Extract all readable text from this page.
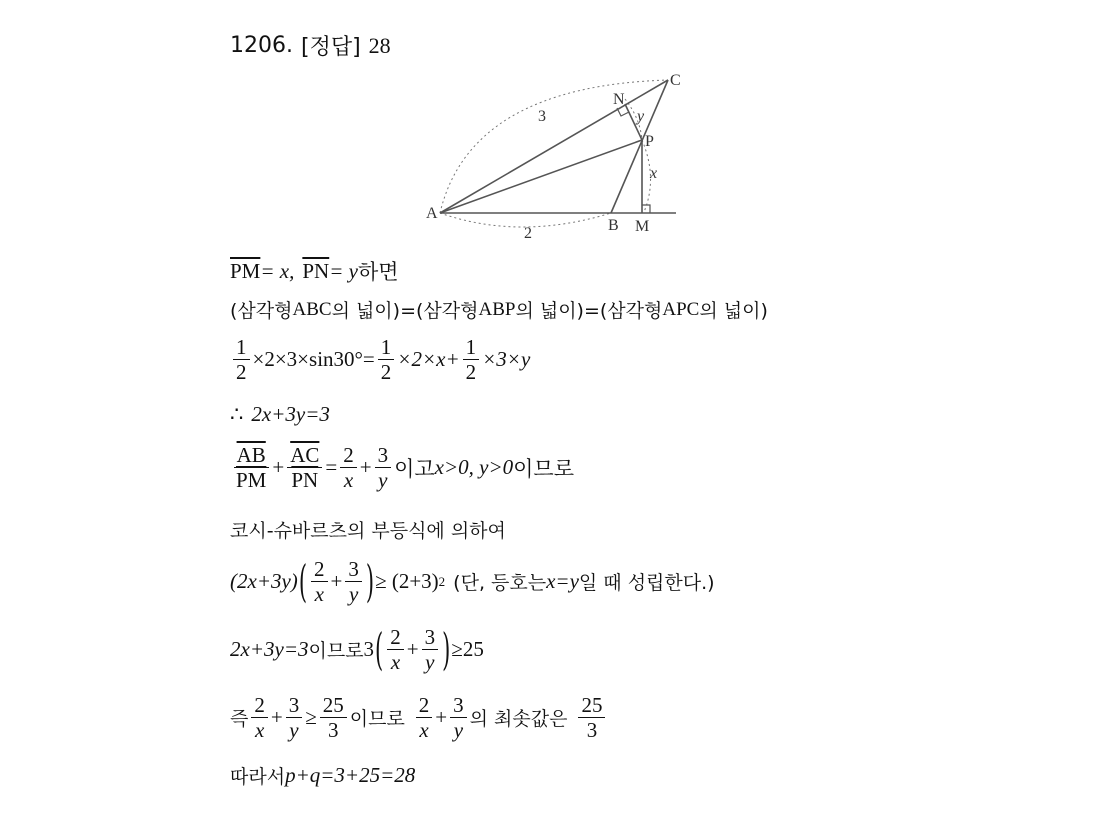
1206. [정답] 28
A
B
C
P
N
M
3
2
y
x
$\overline{PM} = x$, $\overline{PN} = y$ 하면
(삼각형 ABC 의 넓이)=(삼각형 ABP 의 넓이)=(삼각형 APC 의 넓이)
$\frac{1}{2} \times 2\times 3\times\sin 30^\circ= \frac{1}{2} \times 2\times x+ \frac{1}{2} \times 3\times y$
∴ 2x+3y=3
$\frac{\overline{AB}}{PM} + \frac{\overline{AC}}{PN} = \frac{2}{x} + \frac{3}{y}$ 이고 x>0, y>0 이므로
코시-슈바르츠의 부등식에 의하여
(2x+3y) ( $\frac{2}{x} + \frac{3}{y}$ ) ≥ (2+3) 2 (단, 등호는 x=y 일 때 성립한다.)
2x+3y=3 이므로 3 ( $\frac{2}{x} + \frac{3}{y}$ ) ≥25
즉 $\frac{2}{x} + \frac{3}{y} \ge \frac{25}{3}$ 이므로 $\frac{2}{x} + \frac{3}{y}$ 의 최솟값은 $\frac{25}{3}$
따라서 p+q=3+25=28
